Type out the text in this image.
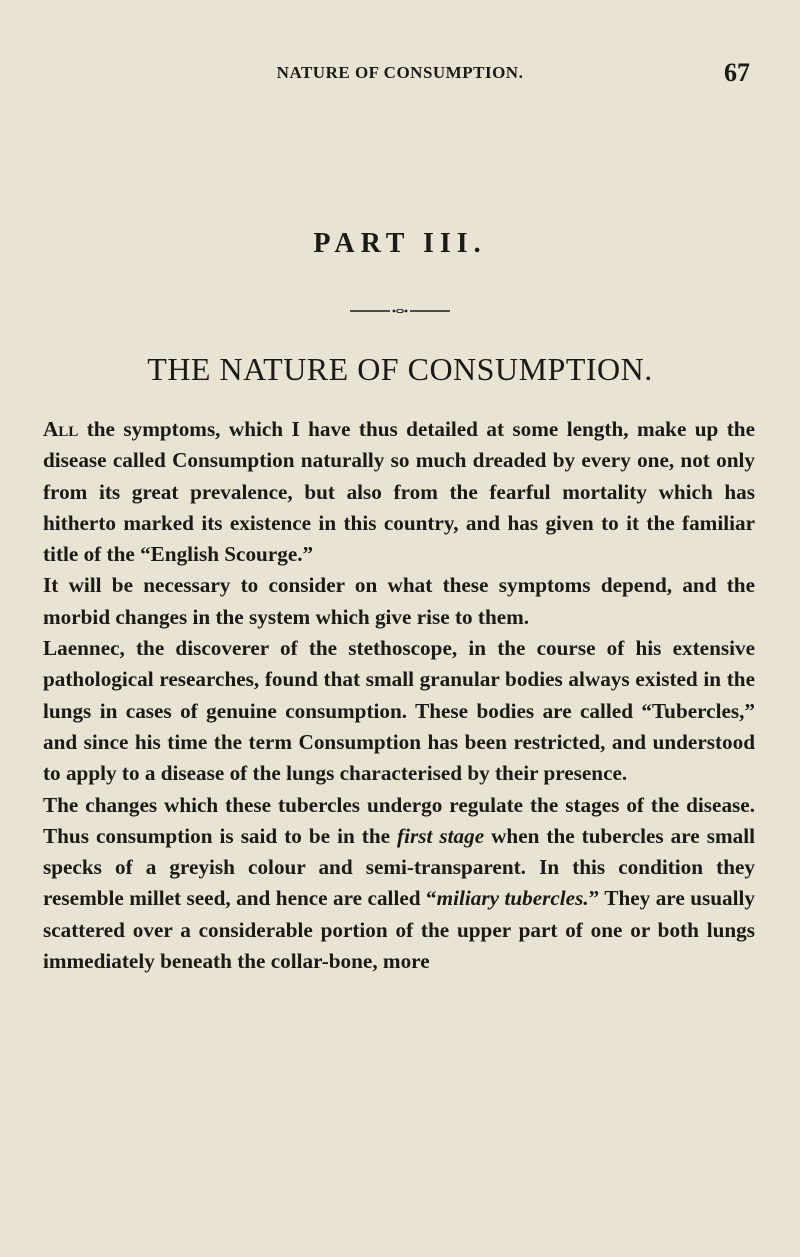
NATURE OF CONSUMPTION.	67
PART III.
THE NATURE OF CONSUMPTION.

All the symptoms, which I have thus detailed at some length, make up the disease called Consumption naturally so much dreaded by every one, not only from its great prevalence, but also from the fearful mortality which has hitherto marked its existence in this country, and has given to it the familiar title of the “English Scourge.”

It will be necessary to consider on what these symptoms depend, and the morbid changes in the system which give rise to them.

Laennec, the discoverer of the stethoscope, in the course of his extensive pathological researches, found that small granular bodies always existed in the lungs in cases of genuine consumption. These bodies are called “Tubercles,” and since his time the term Consumption has been restricted, and understood to apply to a disease of the lungs characterised by their presence.

The changes which these tubercles undergo regulate the stages of the disease. Thus consumption is said to be in the first stage when the tubercles are small specks of a greyish colour and semi-transparent. In this condition they resemble millet seed, and hence are called “miliary tubercles.” They are usually scattered over a considerable portion of the upper part of one or both lungs immediately beneath the collar-bone, more
